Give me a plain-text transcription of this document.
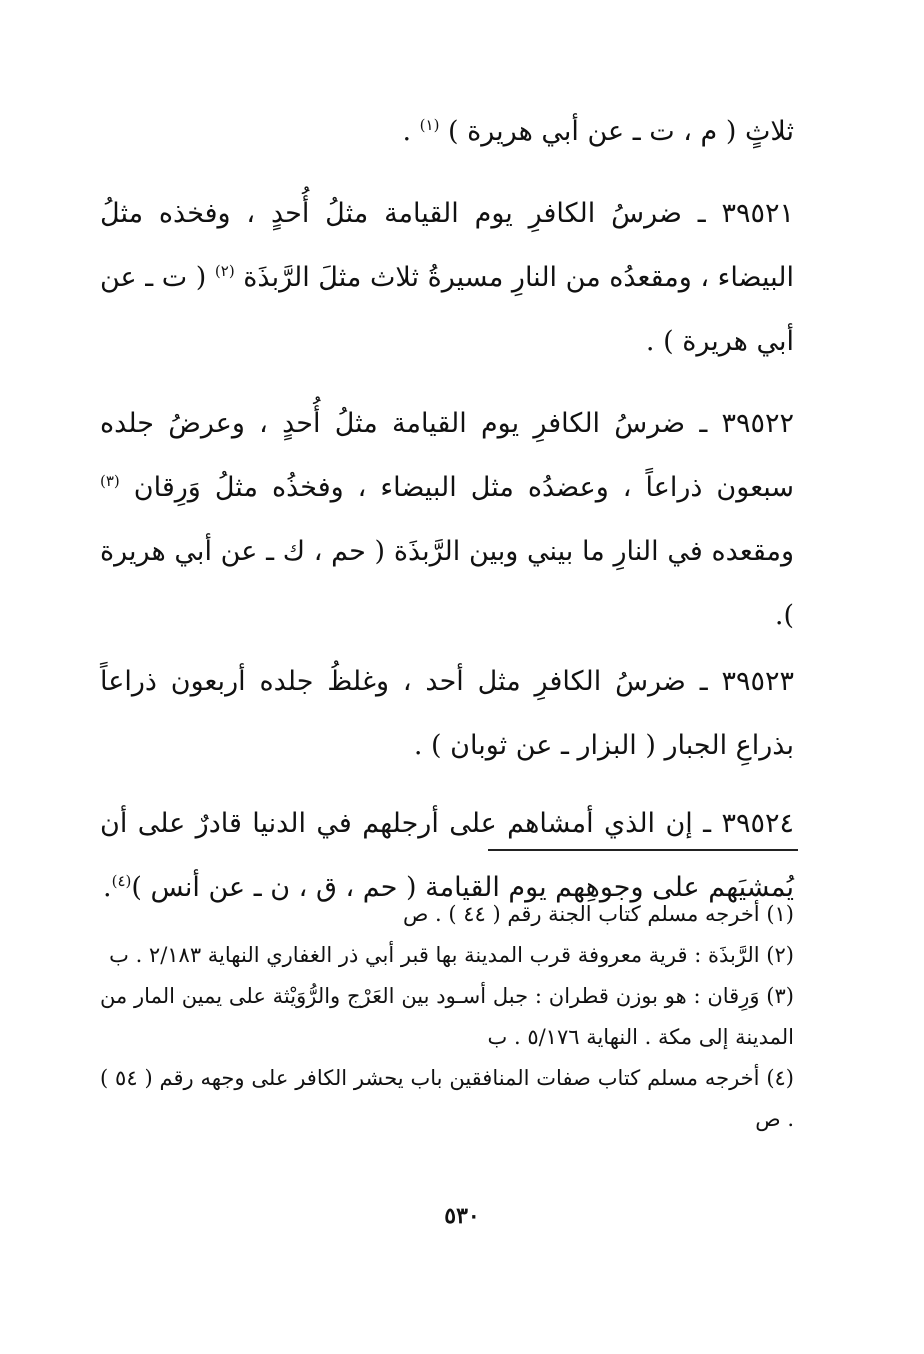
ثلاثٍ ( م ، ت ـ عن أبي هريرة ) $^{(١)}$ .

٣٩٥٢١ ـ ضرسُ الكافرِ يوم القيامة مثلُ أُحدٍ ، وفخذه مثلُ البيضاء ، ومقعدُه من النارِ مسيرةُ ثلاث مثلَ الرَّبذَة $^{(٢)}$ ( ت ـ عن أبي هريرة ) .

٣٩٥٢٢ ـ ضرسُ الكافرِ يوم القيامة مثلُ أُحدٍ ، وعرضُ جلده سبعون ذراعاً ، وعضدُه مثل البيضاء ، وفخذُه مثلُ وَرِقان $^{(٣)}$ ومقعده في النارِ ما بيني وبين الرَّبذَة ( حم ، ك ـ عن أبي هريرة ).

٣٩٥٢٣ ـ ضرسُ الكافرِ مثل أحد ، وغلظُ جلده أربعون ذراعاً بذراعِ الجبار ( البزار ـ عن ثوبان ) .

٣٩٥٢٤ ـ إن الذي أمشاهم على أرجلهم في الدنيا قادرٌ على أن يُمشيَهم على وجوهِهم يوم القيامة ( حم ، ق ، ن ـ عن أنس )$^{(٤)}$.

(١) أخرجه مسلم كتاب الجنة رقم ( ٤٤ ) . ص

(٢) الرَّبذَة : قرية معروفة قرب المدينة بها قبر أبي ذر الغفاري النهاية ٢/١٨٣ . ب

(٣) وَرِقان : هو بوزن قطران : جبل أسـود بين العَرْج والرُّوَيْثة على يمين المار من المدينة إلى مكة . النهاية ٥/١٧٦ . ب

(٤) أخرجه مسلم كتاب صفات المنافقين باب يحشر الكافر على وجهه رقم ( ٥٤ ) . ص

٥٣٠
